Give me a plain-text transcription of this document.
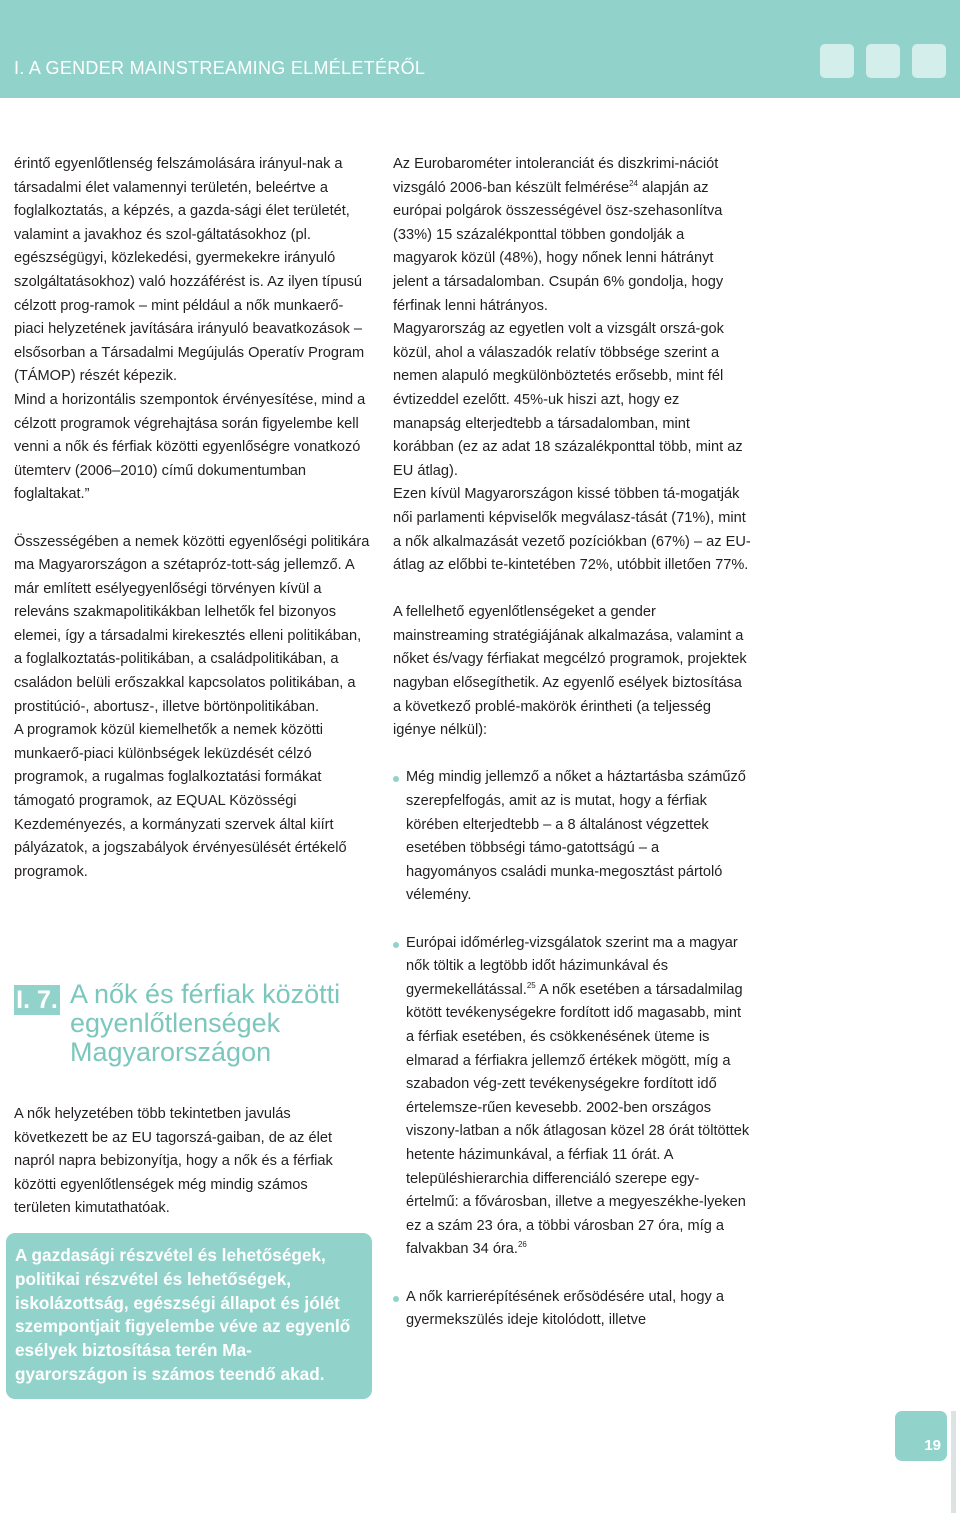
I. A GENDER MAINSTREAMING ELMÉLETÉRŐL

érintő egyenlőtlenség felszámolására irányul-nak a társadalmi élet valamennyi területén, beleértve a foglalkoztatás, a képzés, a gazda-sági élet területét, valamint a javakhoz és szol-gáltatásokhoz (pl. egészségügyi, közlekedési, gyermekekre irányuló szolgáltatásokhoz) való hozzáférést is. Az ilyen típusú célzott prog-ramok – mint például a nők munkaerő-piaci helyzetének javítására irányuló beavatkozások – elsősorban a Társadalmi Megújulás Operatív Program (TÁMOP) részét képezik.

Mind a horizontális szempontok érvényesítése, mind a célzott programok végrehajtása során figyelembe kell venni a nők és férfiak közötti egyenlőségre vonatkozó ütemterv (2006–2010) című dokumentumban foglaltakat.”

Összességében a nemek közötti egyenlőségi politikára ma Magyarországon a szétapróz-tott-ság jellemző. A már említett esélyegyenlőségi törvényen kívül a releváns szakmapolitikákban lelhetők fel bizonyos elemei, így a társadalmi kirekesztés elleni politikában, a foglalkoztatás-politikában, a családpolitikában, a családon belüli erőszakkal kapcsolatos politikában, a prostitúció-, abortusz-, illetve börtönpolitikában.

A programok közül kiemelhetők a nemek közötti munkaerő-piaci különbségek leküzdését célzó programok, a rugalmas foglalkoztatási formákat támogató programok, az EQUAL Közösségi Kezdeményezés, a kormányzati szervek által kiírt pályázatok, a jogszabályok érvényesülését értékelő programok.

I. 7. A nők és férfiak közötti egyenlőtlenségek Magyarországon

A nők helyzetében több tekintetben javulás következett be az EU tagorszá-gaiban, de az élet napról napra bebizonyítja, hogy a nők és a férfiak közötti egyenlőtlenségek még mindig számos területen kimutathatóak.

A gazdasági részvétel és lehetőségek, politikai részvétel és lehetőségek, iskolázottság, egészségi állapot és jólét szempontjait figyelembe véve az egyenlő esélyek biztosítása terén Ma-gyarországon is számos teendő akad.

Az Eurobarométer intoleranciát és diszkrimi-nációt vizsgáló 2006-ban készült felmérése$^{24}$ alapján az európai polgárok összességével ösz-szehasonlítva (33%) 15 százalékponttal többen gondolják a magyarok közül (48%), hogy nőnek lenni hátrányt jelent a társadalomban. Csupán 6% gondolja, hogy férfinak lenni hátrányos.

Magyarország az egyetlen volt a vizsgált orszá-gok közül, ahol a válaszadók relatív többsége szerint a nemen alapuló megkülönböztetés erősebb, mint fél évtizeddel ezelőtt. 45%-uk hiszi azt, hogy ez manapság elterjedtebb a társadalomban, mint korábban (ez az adat 18 százalékponttal több, mint az EU átlag).

Ezen kívül Magyarországon kissé többen tá-mogatják női parlamenti képviselők megválasz-tását (71%), mint a nők alkalmazását vezető pozíciókban (67%) – az EU-átlag az előbbi te-kintetében 72%, utóbbit illetően 77%.

A fellelhető egyenlőtlenségeket a gender mainstreaming stratégiájának alkalmazása, valamint a nőket és/vagy férfiakat megcélzó programok, projektek nagyban elősegíthetik. Az egyenlő esélyek biztosítása a következő problé-makörök érintheti (a teljesség igénye nélkül):

Még mindig jellemző a nőket a háztartásba száműző szerepfelfogás, amit az is mutat, hogy a férfiak körében elterjedtebb – a 8 általánost végzettek esetében többségi támo-gatottságú – a hagyományos családi munka-megosztást pártoló vélemény.
Európai időmérleg-vizsgálatok szerint ma a magyar nők töltik a legtöbb időt házimunkával és gyermekellátással.$^{25}$ A nők esetében a társadalmilag kötött tevékenységekre fordított idő magasabb, mint a férfiak esetében, és csökkenésének üteme is elmarad a férfiakra jellemző értékek mögött, míg a szabadon vég-zett tevékenységekre fordított idő értelemsze-rűen kevesebb. 2002-ben országos viszony-latban a nők átlagosan közel 28 órát töltöttek hetente házimunkával, a férfiak 11 órát. A településhierarchia differenciáló szerepe egy-értelmű: a fővárosban, illetve a megyeszékhe-lyeken ez a szám 23 óra, a többi városban 27 óra, míg a falvakban 34 óra.$^{26}$
A nők karrierépítésének erősödésére utal, hogy a gyermekszülés ideje kitolódott, illetve
19
